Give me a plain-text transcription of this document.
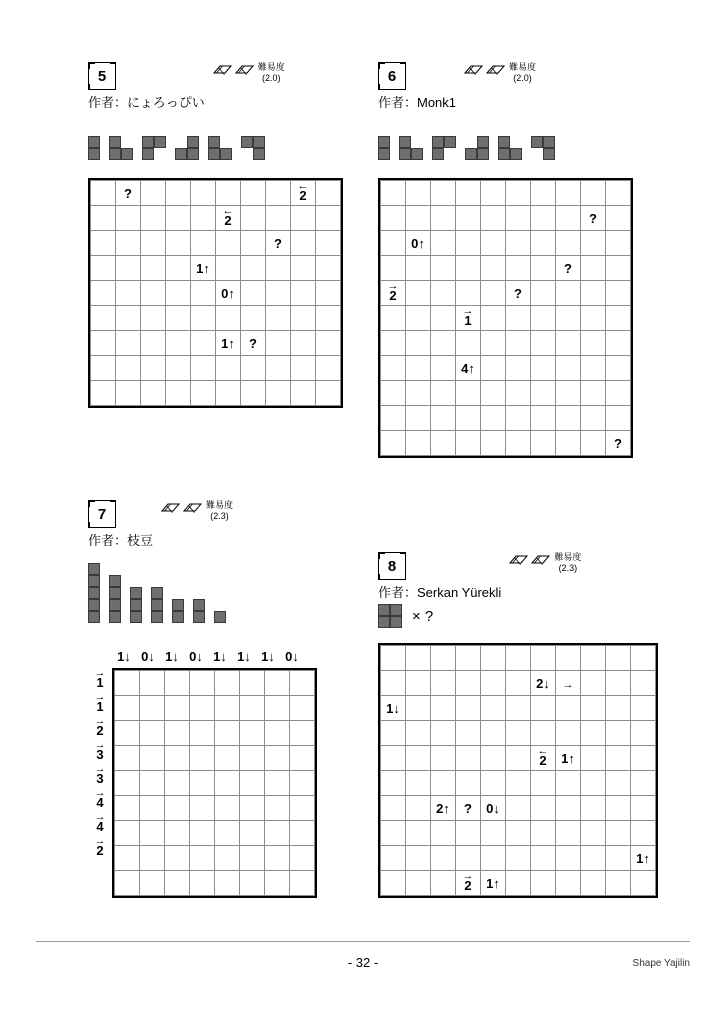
5
作者：にょろっぴい
難易度
(2.0)
	?							←
2	

					←
2				
							?		
				1 ↑					

					0 ↑				

					1 ↑	?			

6
作者：Monk1
難易度
(2.0)

								?	
	0 ↑								

							?		

→
2					?				

			→
1						

			4 ↑						

									?
7
作者：枝豆
難易度
(2.3)
1 ↓ 0 ↓ 1 ↓ 0 ↓ 1 ↓ 1 ↓ 1 ↓ 0 ↓
→
1
→
1
→
2
→
3
→
3
→
4
→
4
→
2

8
作者：Serkan Yürekli
難易度
(2.3)
× ?

						2 ↓	→			

1 ↓										

						←
2	1 ↑			

		2 ↑	?	0 ↓						

										1 ↑

			→
2	1 ↑						

- 32 -	Shape Yajilin
